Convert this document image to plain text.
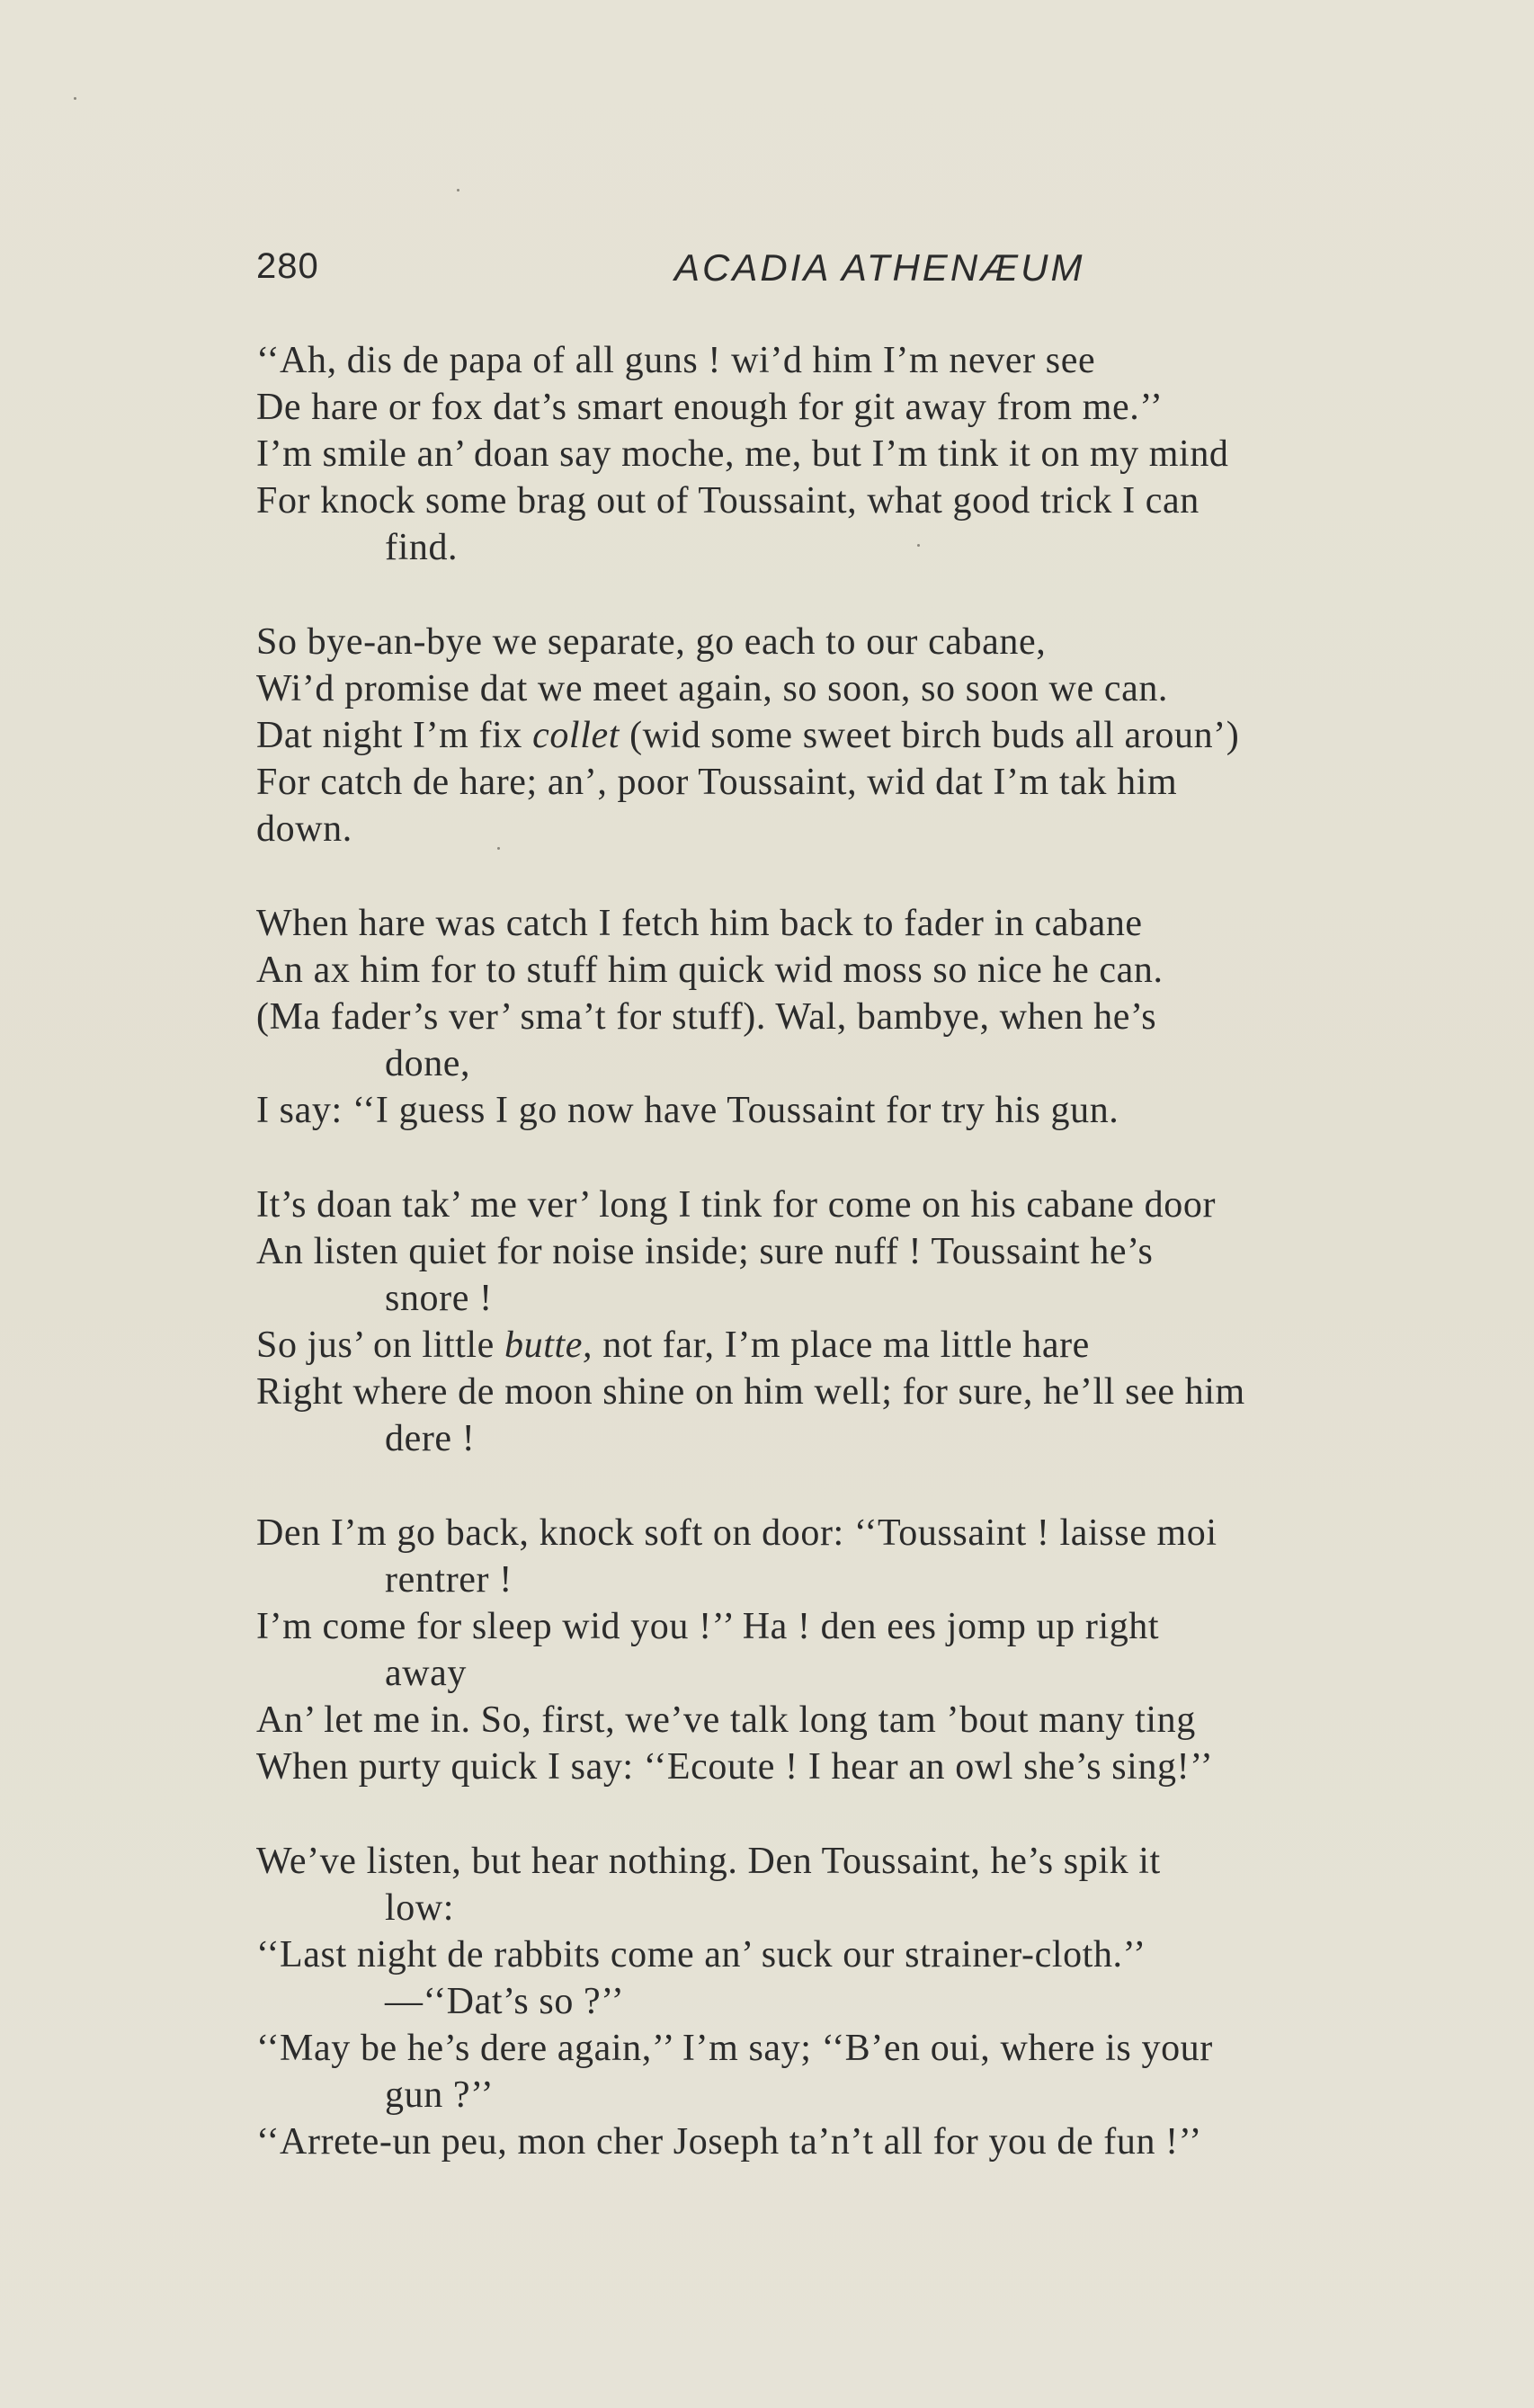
280	ACADIA ATHENÆUM
‘‘Ah, dis de papa of all guns ! wi’d him I’m never see
De hare or fox dat’s smart enough for git away from me.’’
I’m smile an’ doan say moche, me, but I’m tink it on my mind
For knock some brag out of Toussaint, what good trick I can
find.
So bye-an-bye we separate, go each to our cabane,
Wi’d promise dat we meet again, so soon, so soon we can.
Dat night I’m fix collet (wid some sweet birch buds all aroun’)
For catch de hare; an’, poor Toussaint, wid dat I’m tak him
down.
When hare was catch I fetch him back to fader in cabane
An ax him for to stuff him quick wid moss so nice he can.
(Ma fader’s ver’ sma’t for stuff). Wal, bambye, when he’s
done,
I say: ‘‘I guess I go now have Toussaint for try his gun.
It’s doan tak’ me ver’ long I tink for come on his cabane door
An listen quiet for noise inside; sure nuff ! Toussaint he’s
snore !
So jus’ on little butte, not far, I’m place ma little hare
Right where de moon shine on him well; for sure, he’ll see him
dere !
Den I’m go back, knock soft on door: ‘‘Toussaint ! laisse moi
rentrer !
I’m come for sleep wid you !’’ Ha ! den ees jomp up right
away
An’ let me in. So, first, we’ve talk long tam ’bout many ting
When purty quick I say: ‘‘Ecoute ! I hear an owl she’s sing!’’
We’ve listen, but hear nothing. Den Toussaint, he’s spik it
low:
‘‘Last night de rabbits come an’ suck our strainer-cloth.’’
—‘‘Dat’s so ?’’
‘‘May be he’s dere again,’’ I’m say; ‘‘B’en oui, where is your
gun ?’’
‘‘Arrete-un peu, mon cher Joseph ta’n’t all for you de fun !’’
